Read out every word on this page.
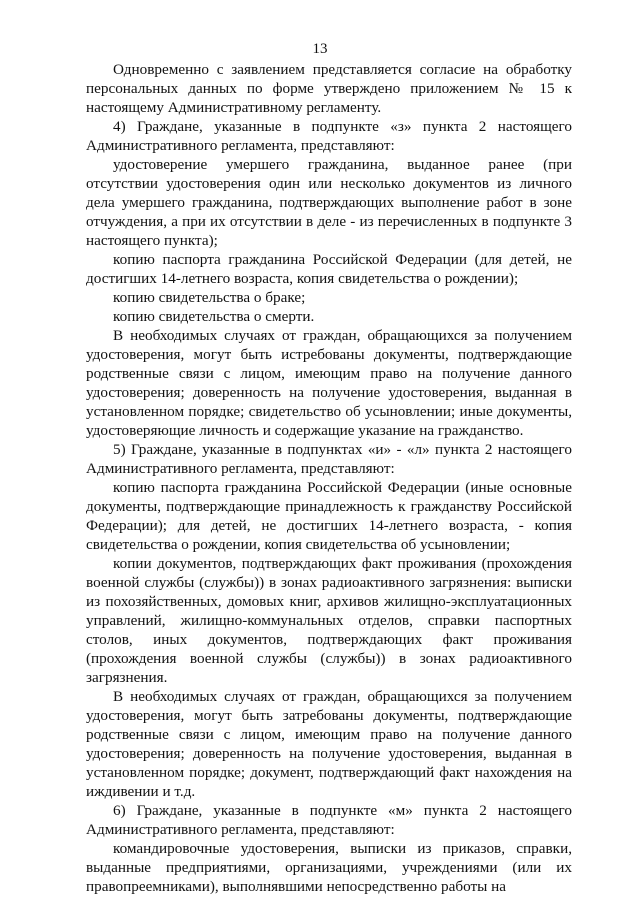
13

Одновременно с заявлением представляется согласие на обработку персональных данных по форме утверждено приложением № 15 к настоящему Административному регламенту.

4) Граждане, указанные в подпункте «з» пункта 2 настоящего Административного регламента, представляют:

удостоверение умершего гражданина, выданное ранее (при отсутствии удостоверения один или несколько документов из личного дела умершего гражданина, подтверждающих выполнение работ в зоне отчуждения, а при их отсутствии в деле - из перечисленных в подпункте 3 настоящего пункта);

копию паспорта гражданина Российской Федерации (для детей, не достигших 14-летнего возраста, копия свидетельства о рождении);

копию свидетельства о браке;

копию свидетельства о смерти.

В необходимых случаях от граждан, обращающихся за получением удостоверения, могут быть истребованы документы, подтверждающие родственные связи с лицом, имеющим право на получение данного удостоверения; доверенность на получение удостоверения, выданная в установленном порядке; свидетельство об усыновлении; иные документы, удостоверяющие личность и содержащие указание на гражданство.

5) Граждане, указанные в подпунктах «и» - «л» пункта 2 настоящего Административного регламента, представляют:

копию паспорта гражданина Российской Федерации (иные основные документы, подтверждающие принадлежность к гражданству Российской Федерации); для детей, не достигших 14-летнего возраста, - копия свидетельства о рождении, копия свидетельства об усыновлении;

копии документов, подтверждающих факт проживания (прохождения военной службы (службы)) в зонах радиоактивного загрязнения: выписки из похозяйственных, домовых книг, архивов жилищно-эксплуатационных управлений, жилищно-коммунальных отделов, справки паспортных столов, иных документов, подтверждающих факт проживания (прохождения военной службы (службы)) в зонах радиоактивного загрязнения.

В необходимых случаях от граждан, обращающихся за получением удостоверения, могут быть затребованы документы, подтверждающие родственные связи с лицом, имеющим право на получение данного удостоверения; доверенность на получение удостоверения, выданная в установленном порядке; документ, подтверждающий факт нахождения на иждивении и т.д.

6) Граждане, указанные в подпункте «м» пункта 2 настоящего Административного регламента, представляют:

командировочные удостоверения, выписки из приказов, справки, выданные предприятиями, организациями, учреждениями (или их правопреемниками), выполнявшими непосредственно работы на
